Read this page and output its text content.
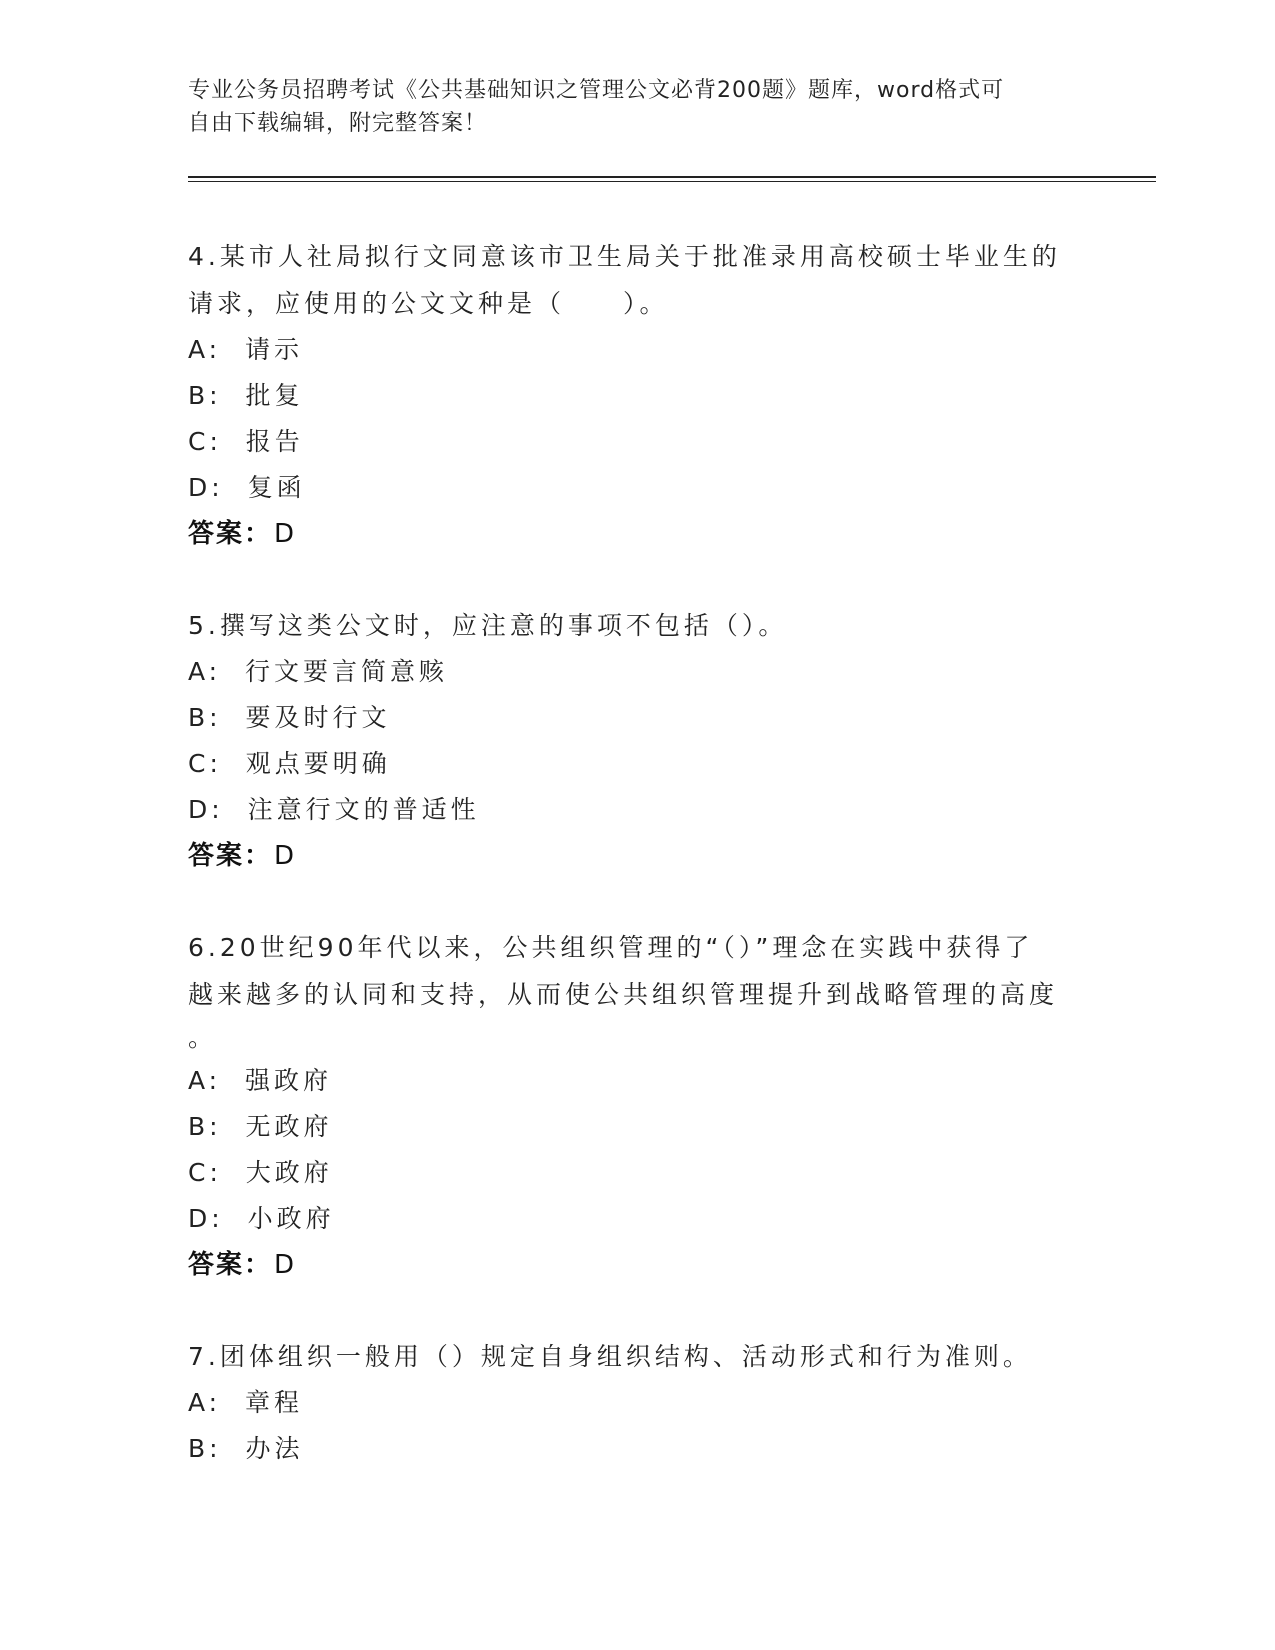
专业公务员招聘考试《公共基础知识之管理公文必背200题》题库，word格式可
自由下载编辑，附完整答案！
4.某市人社局拟行文同意该市卫生局关于批准录用高校硕士毕业生的
请求，应使用的公文文种是（　　）。
A:  请示
B:  批复
C:  报告
D:  复函
答案：D
5.撰写这类公文时，应注意的事项不包括（）。
A:  行文要言简意赅
B:  要及时行文
C:  观点要明确
D:  注意行文的普适性
答案：D
6.20世纪90年代以来，公共组织管理的“（）”理念在实践中获得了
越来越多的认同和支持，从而使公共组织管理提升到战略管理的高度
。
A:  强政府
B:  无政府
C:  大政府
D:  小政府
答案：D
7.团体组织一般用（）规定自身组织结构、活动形式和行为准则。
A:  章程
B:  办法
